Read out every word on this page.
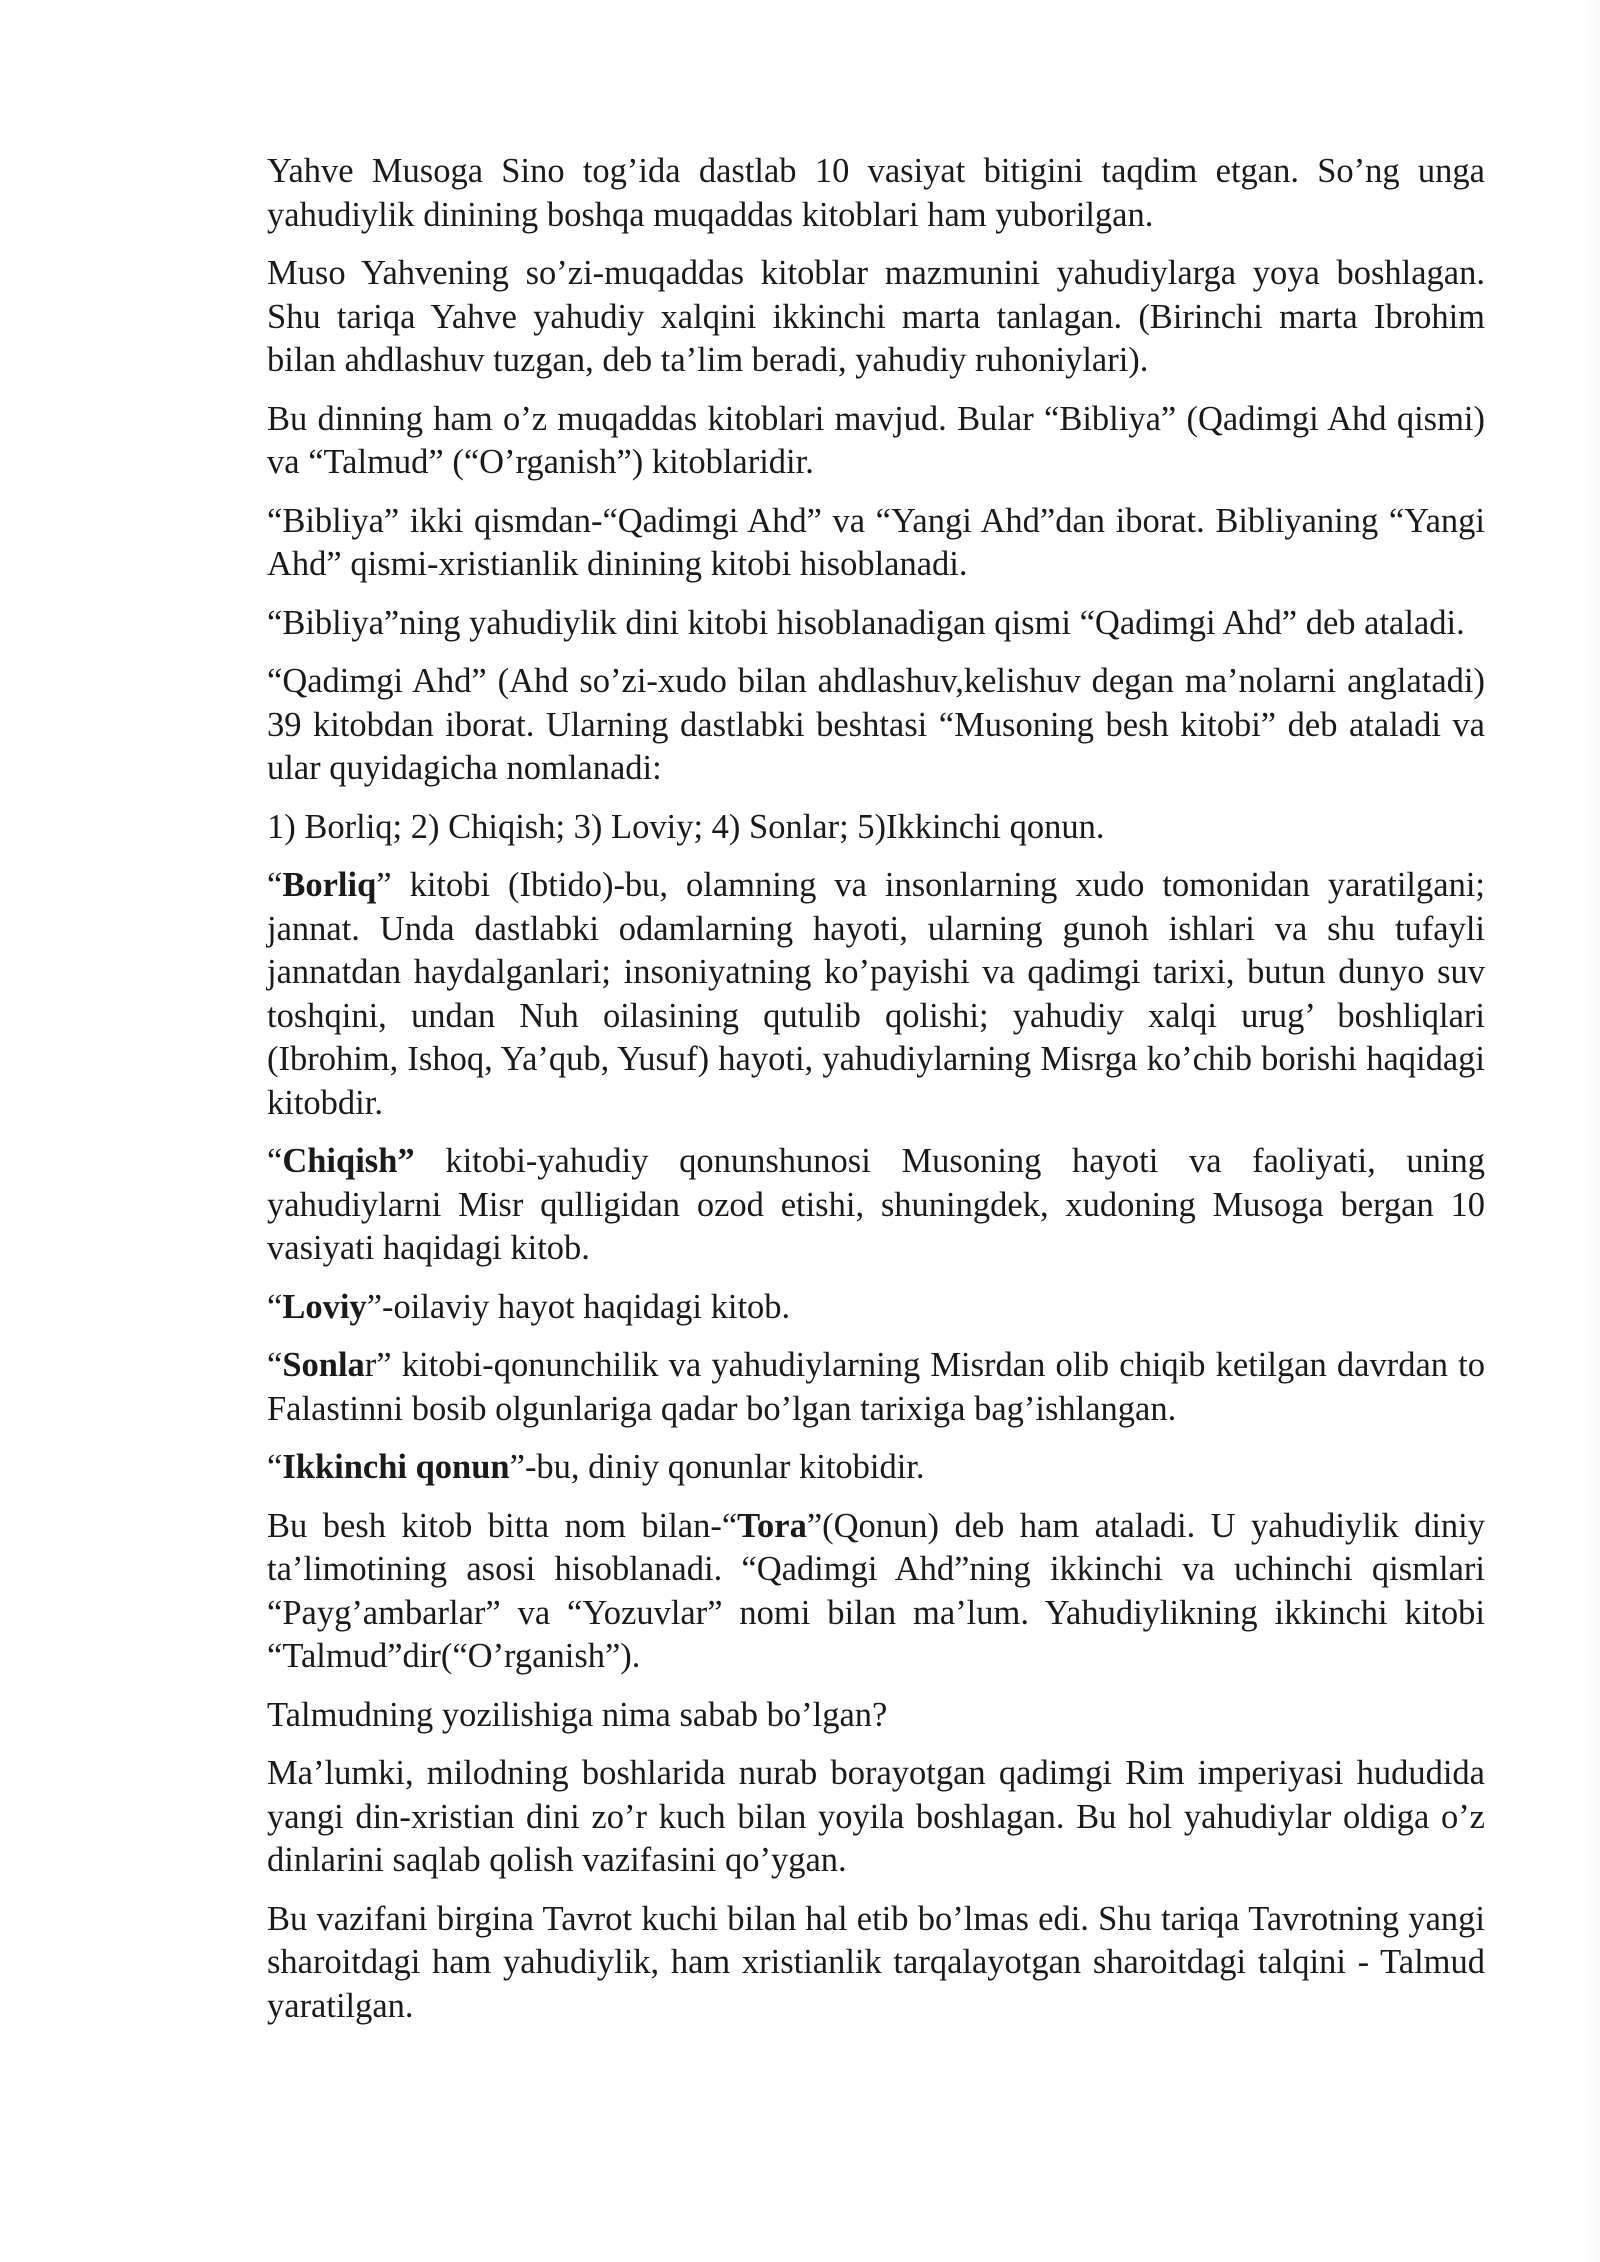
Yahve Musoga Sino tog’ida dastlab 10 vasiyat bitigini taqdim etgan. So’ng unga yahudiylik dinining boshqa muqaddas kitoblari ham yuborilgan.

Muso Yahvening so’zi-muqaddas kitoblar mazmunini yahudiylarga yoya boshlagan. Shu tariqa Yahve yahudiy xalqini ikkinchi marta tanlagan. (Birinchi marta Ibrohim bilan ahdlashuv tuzgan, deb ta’lim beradi, yahudiy ruhoniylari).

Bu dinning ham o’z muqaddas kitoblari mavjud. Bular “Bibliya” (Qadimgi Ahd qismi) va “Talmud” (“O’rganish”) kitoblaridir.

“Bibliya” ikki qismdan-“Qadimgi Ahd” va “Yangi Ahd”dan iborat. Bibliyaning “Yangi Ahd” qismi-xristianlik dinining kitobi hisoblanadi.

“Bibliya”ning yahudiylik dini kitobi hisoblanadigan qismi “Qadimgi Ahd” deb ataladi.

“Qadimgi Ahd” (Ahd so’zi-xudo bilan ahdlashuv,kelishuv degan ma’nolarni anglatadi) 39 kitobdan iborat. Ularning dastlabki beshtasi “Musoning besh kitobi” deb ataladi va ular quyidagicha nomlanadi:

1) Borliq; 2) Chiqish; 3) Loviy; 4) Sonlar; 5)Ikkinchi qonun.

“Borliq” kitobi (Ibtido)-bu, olamning va insonlarning xudo tomonidan yaratilgani; jannat. Unda dastlabki odamlarning hayoti, ularning gunoh ishlari va shu tufayli jannatdan haydalganlari; insoniyatning ko’payishi va qadimgi tarixi, butun dunyo suv toshqini, undan Nuh oilasining qutulib qolishi; yahudiy xalqi urug’ boshliqlari (Ibrohim, Ishoq, Ya’qub, Yusuf) hayoti, yahudiylarning Misrga ko’chib borishi haqidagi kitobdir.

“Chiqish” kitobi-yahudiy qonunshunosi Musoning hayoti va faoliyati, uning yahudiylarni Misr qulligidan ozod etishi, shuningdek, xudoning Musoga bergan 10 vasiyati haqidagi kitob.

“Loviy”-oilaviy hayot haqidagi kitob.

“Sonlar” kitobi-qonunchilik va yahudiylarning Misrdan olib chiqib ketilgan davrdan to Falastinni bosib olgunlariga qadar bo’lgan tarixiga bag’ishlangan.

“Ikkinchi qonun”-bu, diniy qonunlar kitobidir.

Bu besh kitob bitta nom bilan-“Tora”(Qonun) deb ham ataladi. U yahudiylik diniy ta’limotining asosi hisoblanadi. “Qadimgi Ahd”ning ikkinchi va uchinchi qismlari “Payg’ambarlar” va “Yozuvlar” nomi bilan ma’lum. Yahudiylikning ikkinchi kitobi “Talmud”dir(“O’rganish”).

Talmudning yozilishiga nima sabab bo’lgan?

Ma’lumki, milodning boshlarida nurab borayotgan qadimgi Rim imperiyasi hududida yangi din-xristian dini zo’r kuch bilan yoyila boshlagan. Bu hol yahudiylar oldiga o’z dinlarini saqlab qolish vazifasini qo’ygan.

Bu vazifani birgina Tavrot kuchi bilan hal etib bo’lmas edi. Shu tariqa Tavrotning yangi sharoitdagi ham yahudiylik, ham xristianlik tarqalayotgan sharoitdagi talqini - Talmud yaratilgan.
